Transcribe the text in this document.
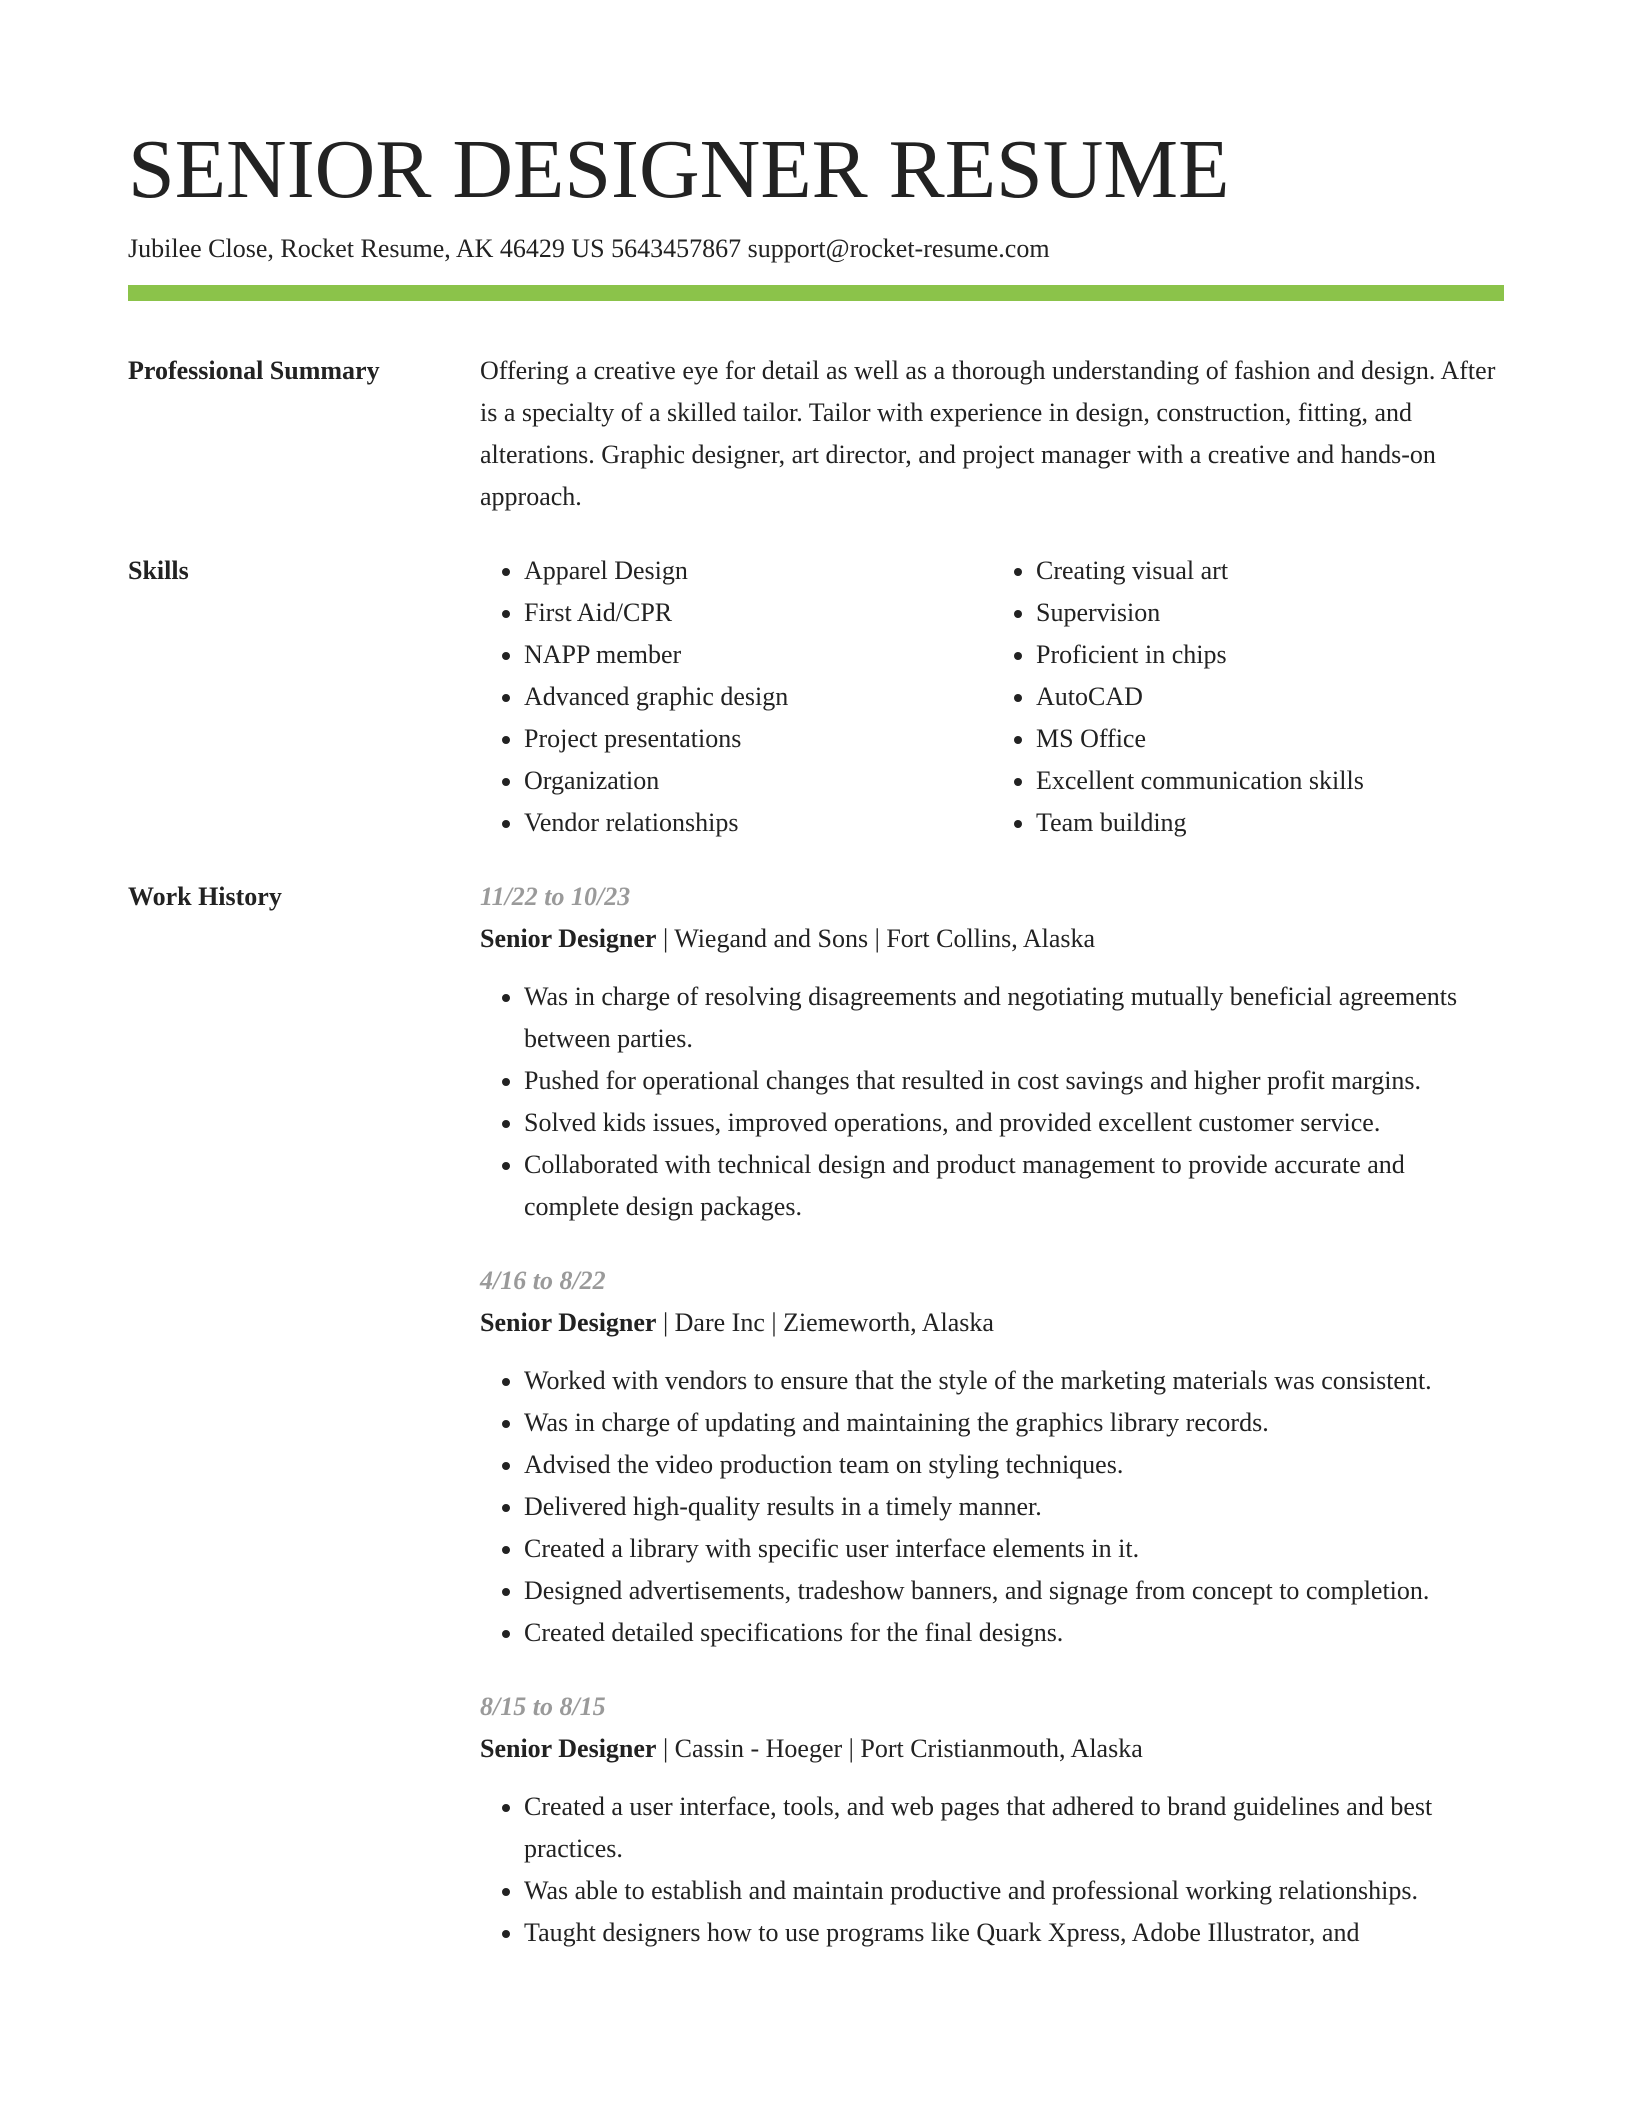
SENIOR DESIGNER RESUME
Jubilee Close, Rocket Resume, AK 46429 US 5643457867 support@rocket-resume.com
Professional Summary	Offering a creative eye for detail as well as a thorough understanding of fashion and design. After is a specialty of a skilled tailor. Tailor with experience in design, construction, fitting, and alterations. Graphic designer, art director, and project manager with a creative and hands-on approach.

Skills
•	Apparel Design
• First Aid/CPR
• NAPP member
• Advanced graphic design
• Project presentations
• Organization
• Vendor relationships
• Creating visual art
• Supervision
• Proficient in chips
• AutoCAD
• MS Office
• Excellent communication skills
• Team building
Work History	11/22 to 10/23
Senior Designer | Wiegand and Sons | Fort Collins, Alaska
• Was in charge of resolving disagreements and negotiating mutually beneficial agreements between parties.
• Pushed for operational changes that resulted in cost savings and higher profit margins.
• Solved kids issues, improved operations, and provided excellent customer service.
• Collaborated with technical design and product management to provide accurate and complete design packages.
4/16 to 8/22
Senior Designer | Dare Inc | Ziemeworth, Alaska
• Worked with vendors to ensure that the style of the marketing materials was consistent.
• Was in charge of updating and maintaining the graphics library records.
• Advised the video production team on styling techniques.
• Delivered high-quality results in a timely manner.
• Created a library with specific user interface elements in it.
• Designed advertisements, tradeshow banners, and signage from concept to completion.
• Created detailed specifications for the final designs.
8/15 to 8/15
Senior Designer | Cassin - Hoeger | Port Cristianmouth, Alaska
• Created a user interface, tools, and web pages that adhered to brand guidelines and best practices.
• Was able to establish and maintain productive and professional working relationships.
• Taught designers how to use programs like Quark Xpress, Adobe Illustrator, and
